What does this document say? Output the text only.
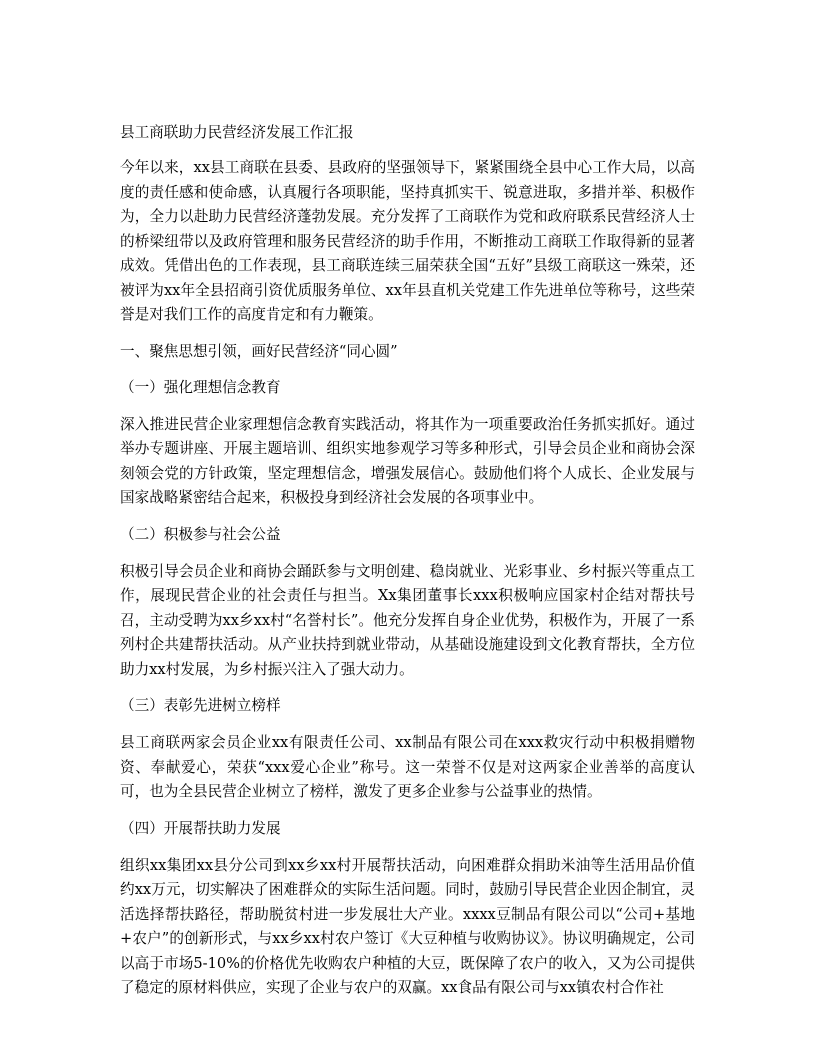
县工商联助力民营经济发展工作汇报
今年以来，xx县工商联在县委、县政府的坚强领导下，紧紧围绕全县中心工作大局，以高度的责任感和使命感，认真履行各项职能，坚持真抓实干、锐意进取，多措并举、积极作为，全力以赴助力民营经济蓬勃发展。充分发挥了工商联作为党和政府联系民营经济人士的桥梁纽带以及政府管理和服务民营经济的助手作用，不断推动工商联工作取得新的显著成效。凭借出色的工作表现，县工商联连续三届荣获全国“五好”县级工商联这一殊荣，还被评为xx年全县招商引资优质服务单位、xx年县直机关党建工作先进单位等称号，这些荣誉是对我们工作的高度肯定和有力鞭策。
一、聚焦思想引领，画好民营经济“同心圆”
（一）强化理想信念教育
深入推进民营企业家理想信念教育实践活动，将其作为一项重要政治任务抓实抓好。通过举办专题讲座、开展主题培训、组织实地参观学习等多种形式，引导会员企业和商协会深刻领会党的方针政策，坚定理想信念，增强发展信心。鼓励他们将个人成长、企业发展与国家战略紧密结合起来，积极投身到经济社会发展的各项事业中。
（二）积极参与社会公益
积极引导会员企业和商协会踊跃参与文明创建、稳岗就业、光彩事业、乡村振兴等重点工作，展现民营企业的社会责任与担当。Xx集团董事长xxx积极响应国家村企结对帮扶号召，主动受聘为xx乡xx村“名誉村长”。他充分发挥自身企业优势，积极作为，开展了一系列村企共建帮扶活动。从产业扶持到就业带动，从基础设施建设到文化教育帮扶，全方位助力xx村发展，为乡村振兴注入了强大动力。
（三）表彰先进树立榜样
县工商联两家会员企业xx有限责任公司、xx制品有限公司在xxx救灾行动中积极捐赠物资、奉献爱心，荣获“xxx爱心企业”称号。这一荣誉不仅是对这两家企业善举的高度认可，也为全县民营企业树立了榜样，激发了更多企业参与公益事业的热情。
（四）开展帮扶助力发展
组织xx集团xx县分公司到xx乡xx村开展帮扶活动，向困难群众捐助米油等生活用品价值约xx万元，切实解决了困难群众的实际生活问题。同时，鼓励引导民营企业因企制宜，灵活选择帮扶路径，帮助脱贫村进一步发展壮大产业。xxxx豆制品有限公司以“公司+基地+农户”的创新形式，与xx乡xx村农户签订《大豆种植与收购协议》。协议明确规定，公司以高于市场5-10%的价格优先收购农户种植的大豆，既保障了农户的收入，又为公司提供了稳定的原材料供应，实现了企业与农户的双赢。xx食品有限公司与xx镇农村合作社
